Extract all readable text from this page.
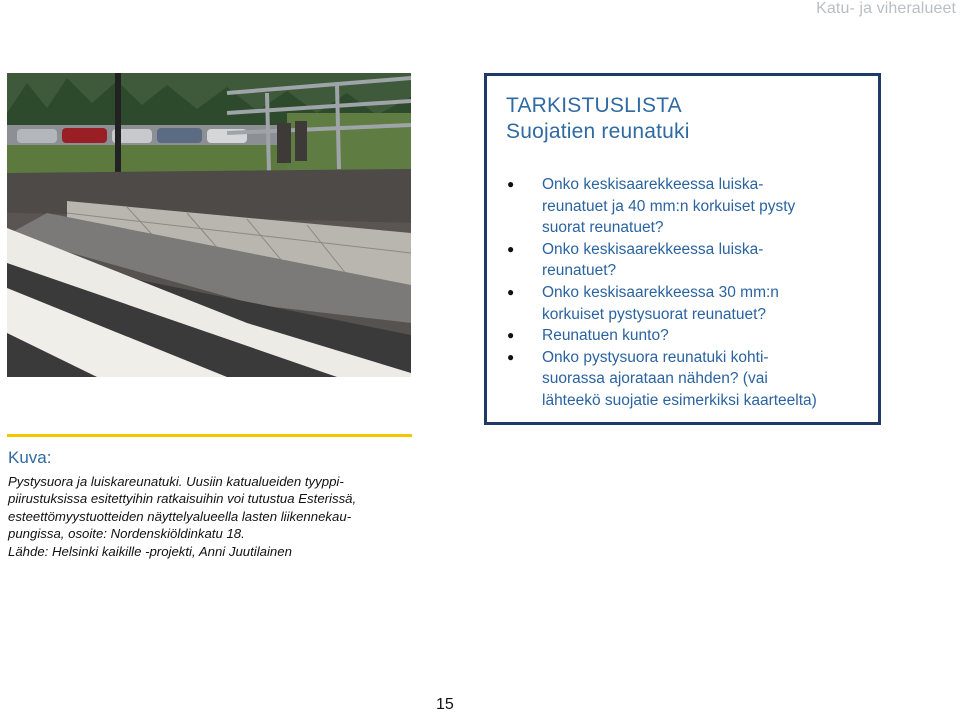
Katu- ja viheralueet
TARKISTUSLISTA
Suojatien reunatuki
● Onko keskisaarekkeessa luiska-
reunatuet ja 40 mm:n korkuiset pysty
suorat reunatuet?
● Onko keskisaarekkeessa luiska-
reunatuet?
● Onko keskisaarekkeessa 30 mm:n
korkuiset pystysuorat reunatuet?
● Reunatuen kunto?
● Onko pystysuora reunatuki kohti-
suorassa ajorataan nähden? (vai
lähteekö suojatie esimerkiksi kaarteelta)
Kuva:

Pystysuora ja luiskareunatuki. Uusiin katualueiden tyyppi-

piirustuksissa esitettyihin ratkaisuihin voi tutustua Esterissä,

esteettömyystuotteiden näyttelyalueella lasten liikennekau-

pungissa, osoite: Nordenskiöldinkatu 18.

Lähde: Helsinki kaikille -projekti, Anni Juutilainen

15
